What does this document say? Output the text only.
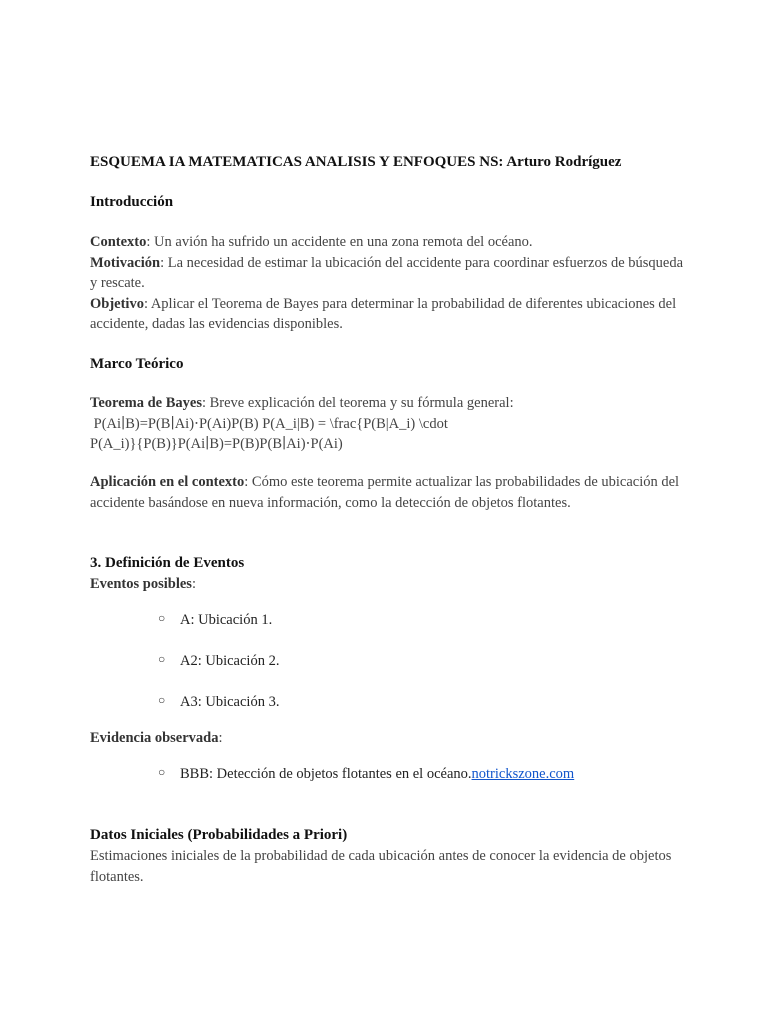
ESQUEMA IA MATEMATICAS ANALISIS Y ENFOQUES NS: Arturo Rodríguez
Introducción
Contexto: Un avión ha sufrido un accidente en una zona remota del océano.
Motivación: La necesidad de estimar la ubicación del accidente para coordinar esfuerzos de búsqueda y rescate.
Objetivo: Aplicar el Teorema de Bayes para determinar la probabilidad de diferentes ubicaciones del accidente, dadas las evidencias disponibles.
Marco Teórico
Teorema de Bayes: Breve explicación del teorema y su fórmula general:
P(Ai∣B)=P(B∣Ai)⋅P(Ai)P(B) P(A_i|B) = \frac{P(B|A_i) \cdot
P(A_i)}{P(B)}P(Ai∣B)=P(B)P(B∣Ai)⋅P(Ai)
Aplicación en el contexto: Cómo este teorema permite actualizar las probabilidades de ubicación del accidente basándose en nueva información, como la detección de objetos flotantes.
3. Definición de Eventos
Eventos posibles:
○ A: Ubicación 1.
○ A2: Ubicación 2.
○ A3: Ubicación 3.
Evidencia observada:
○ BBB: Detección de objetos flotantes en el océano.notrickszone.com
Datos Iniciales (Probabilidades a Priori)
Estimaciones iniciales de la probabilidad de cada ubicación antes de conocer la evidencia de objetos flotantes.
